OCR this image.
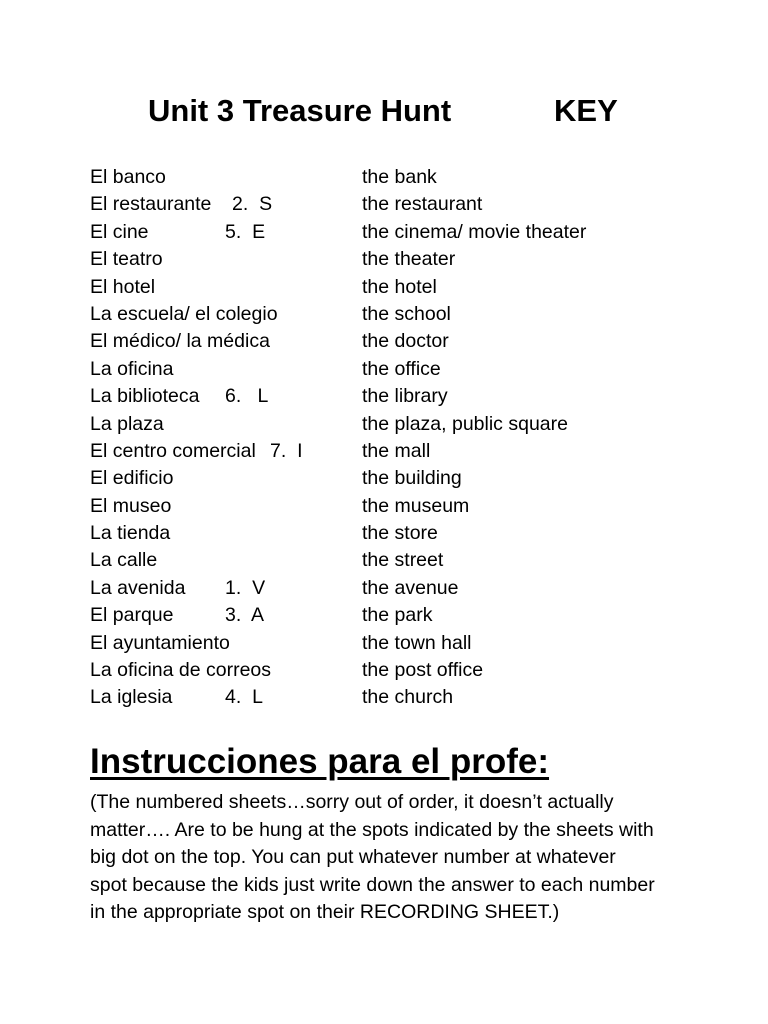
Unit 3 Treasure Hunt	KEY
El banco	the bank
El restaurante 2.  S	the restaurant
El cine	5.  E	the cinema/ movie theater
El teatro	the theater
El hotel	the hotel
La escuela/ el colegio	the school
El médico/ la médica	the doctor
La oficina	the office
La biblioteca 6.   L	the library
La plaza	the plaza, public square
El centro comercial 7.  I	the mall
El edificio	the building
El museo	the museum
La tienda	the store
La calle	the street
La avenida 1.  V	the avenue
El parque	3.  A	the park
El ayuntamiento	the town hall
La oficina de correos	the post office
La iglesia	4.  L	the church
Instrucciones para el profe:
(The numbered sheets…sorry out of order, it doesn’t actually
matter…. Are to be hung at the spots indicated by the sheets with
big dot on the top. You can put whatever number at whatever
spot because the kids just write down the answer to each number
in the appropriate spot on their RECORDING SHEET.)
